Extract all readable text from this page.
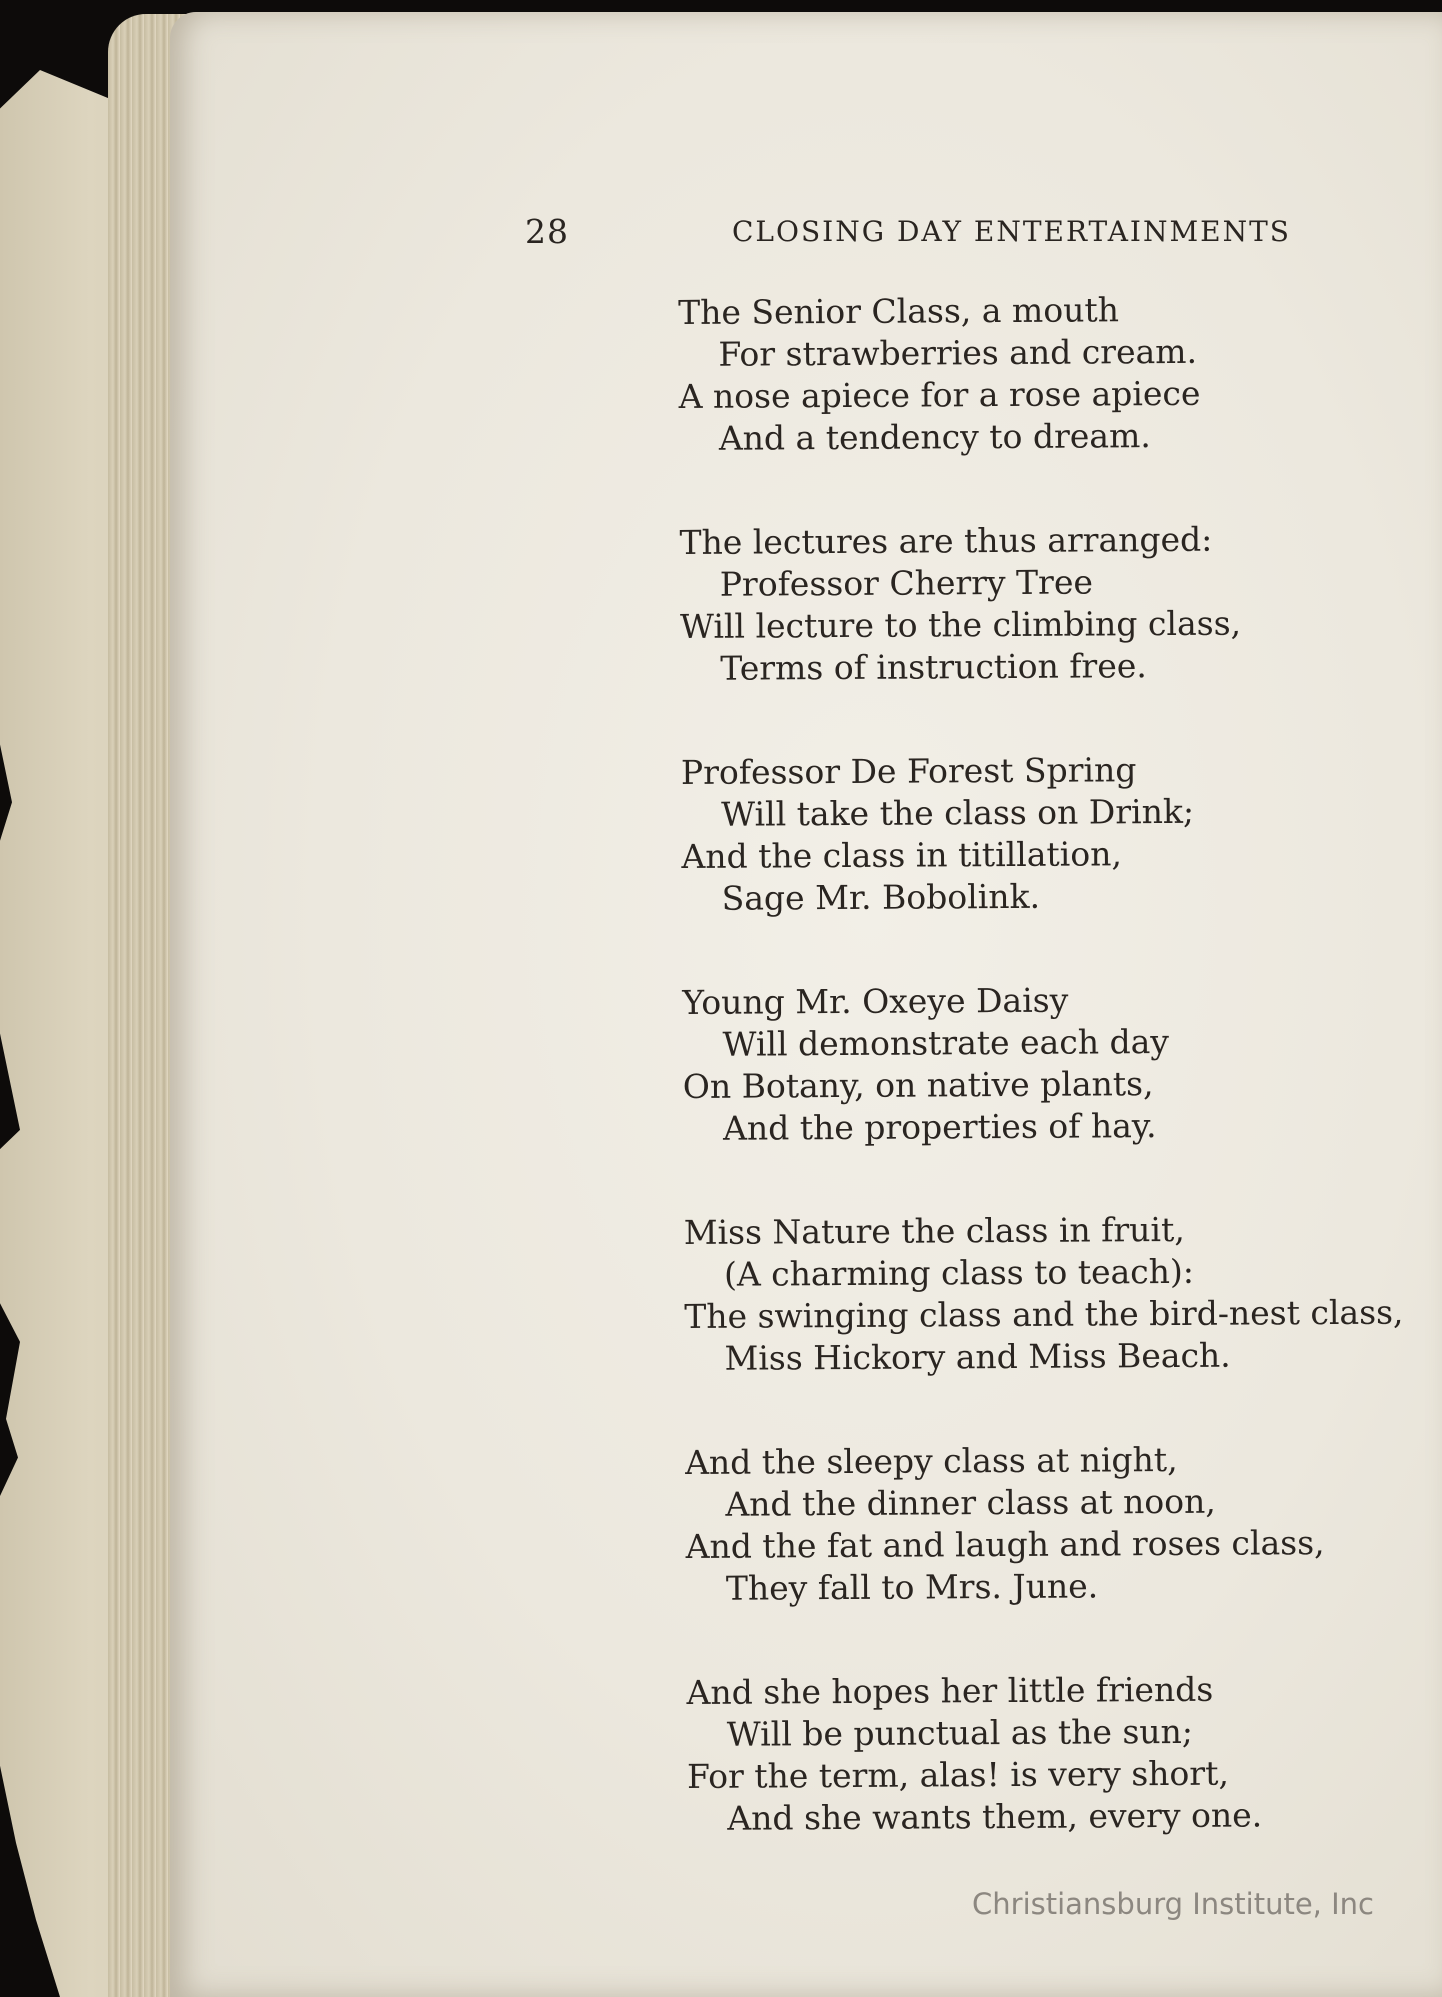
28	CLOSING DAY ENTERTAINMENTS
The Senior Class, a mouth
For strawberries and cream.
A nose apiece for a rose apiece
And a tendency to dream.
The lectures are thus arranged:
Professor Cherry Tree
Will lecture to the climbing class,
Terms of instruction free.
Professor De Forest Spring
Will take the class on Drink;
And the class in titillation,
Sage Mr. Bobolink.
Young Mr. Oxeye Daisy
Will demonstrate each day
On Botany, on native plants,
And the properties of hay.
Miss Nature the class in fruit,
(A charming class to teach):
The swinging class and the bird-nest class,
Miss Hickory and Miss Beach.
And the sleepy class at night,
And the dinner class at noon,
And the fat and laugh and roses class,
They fall to Mrs. June.
And she hopes her little friends
Will be punctual as the sun;
For the term, alas! is very short,
And she wants them, every one.
Christiansburg Institute, Inc
